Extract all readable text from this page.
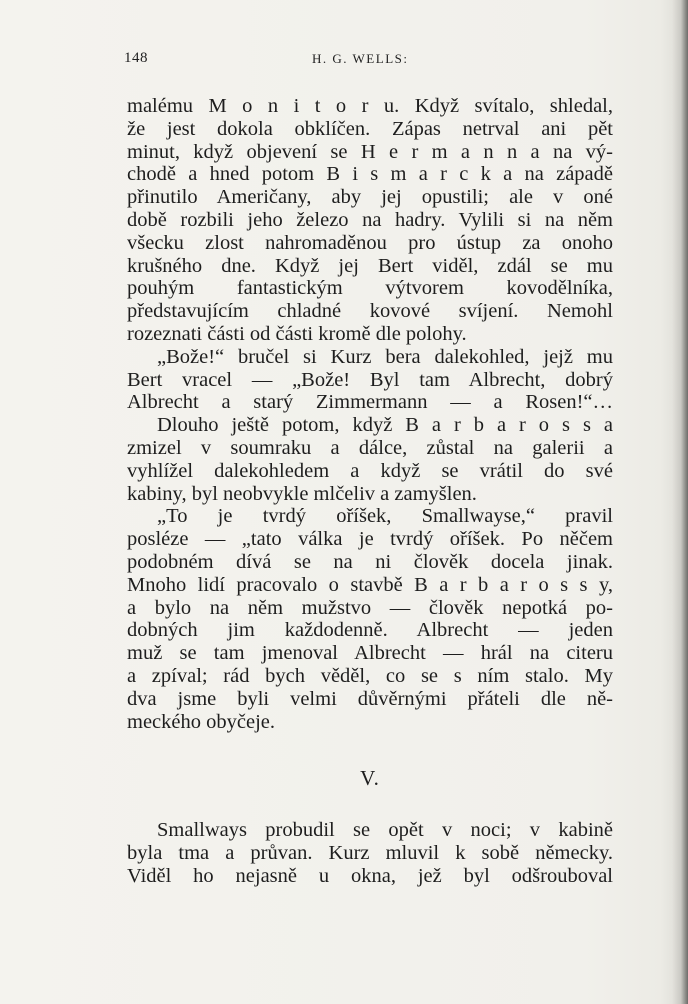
148	H. G. WELLS:
malému M o n i t o r u. Když svítalo, shledal,
že jest dokola obklíčen. Zápas netrval ani pět
minut, když objevení se H e r m a n n a na vý-
chodě a hned potom B i s m a r c k a na západě
přinutilo Američany, aby jej opustili; ale v oné
době rozbili jeho železo na hadry. Vylili si na něm
všecku zlost nahromaděnou pro ústup za onoho
krušného dne. Když jej Bert viděl, zdál se mu
pouhým fantastickým výtvorem kovodělníka,
představujícím chladné kovové svíjení. Nemohl
rozeznati části od části kromě dle polohy.
„Bože!“ bručel si Kurz bera dalekohled, jejž mu
Bert vracel — „Bože! Byl tam Albrecht, dobrý
Albrecht a starý Zimmermann — a Rosen!“…
Dlouho ještě potom, když B a r b a r o s s a
zmizel v soumraku a dálce, zůstal na galerii a
vyhlížel dalekohledem a když se vrátil do své
kabiny, byl neobvykle mlčeliv a zamyšlen.
„To je tvrdý oříšek, Smallwayse,“ pravil
posléze — „tato válka je tvrdý oříšek. Po něčem
podobném dívá se na ni člověk docela jinak.
Mnoho lidí pracovalo o stavbě B a r b a r o s s y,
a bylo na něm mužstvo — člověk nepotká po-
dobných jim každodenně. Albrecht — jeden
muž se tam jmenoval Albrecht — hrál na citeru
a zpíval; rád bych věděl, co se s ním stalo. My
dva jsme byli velmi důvěrnými přáteli dle ně-
meckého obyčeje.
V.
Smallways probudil se opět v noci; v kabině
byla tma a průvan. Kurz mluvil k sobě německy.
Viděl ho nejasně u okna, jež byl odšrouboval
